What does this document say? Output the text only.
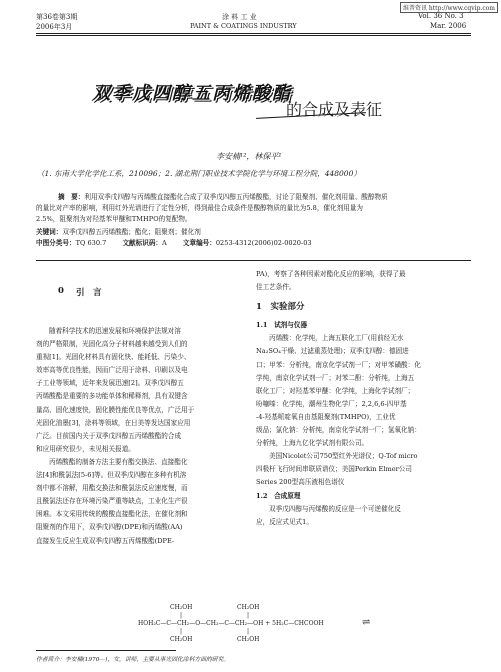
第36卷第3期
2006年3月
涂 料 工 业
PAINT & COATINGS INDUSTRY
Vol. 36 No. 3
Mar. 2006
维普资讯 http://www.cqvip.com
双季戊四醇五丙烯酸酯
的合成及表征
李安楠¹²，林保平¹
（1. 东南大学化学化工系，210096；2. 湖北荆门职业技术学院化学与环境工程分院，448000）
摘　要：利用双季戊四醇与丙烯酸直接酯化合成了双季戊四醇五丙烯酸酯，讨论了阻聚剂、催化剂用量、酸醇物质
的量比对产率的影响，利用红外光谱进行了定性分析，得到最佳合成条件是酸醇物质的量比为5.8，催化剂用量为
2.5%，阻聚剂为对羟基苯甲醚和TMHPO的复配物。
关键词：双季戊四醇五丙烯酸酯；酯化；阻聚剂；催化剂
中图分类号：TQ 630.7 文献标识码：A 文章编号：0253-4312(2006)02-0020-03
0 引　言

随着科学技术的迅速发展和环境保护法规对溶

剂的严格限制，光固化高分子材料越来越受到人们的

重视[1]。光固化材料具有固化快、能耗低、污染少、

效率高等优良性能，因而广泛用于涂料、印刷以及电

子工业等领域，近年来发展迅速[2]。双季戊四醇五

丙烯酸酯是重要的多功能单体和稀释剂，具有双键含

量高、固化速度快，固化膜性能优良等优点，广泛用于

光固化油墨[3]，涂料等领域，在日美等发达国家应用

广泛。目前国内关于双季戊四醇五丙烯酸酯的合成

和应用研究很少，未见相关报道。

丙烯酸酯的制备方法主要有酯交换法、直接酯化

法[4]和酰氯法[5-6]等。但双季戊四醇在多种有机溶

剂中都不溶解，用酯交换法和酰氯法反应速度慢，而

且酰氯法还存在环境污染严重等缺点，工业化生产很

困难。本文采用传统的酸酸直接酯化法，在催化剂和

阻聚剂的作用下，双季戊四醇(DPE)和丙烯酸(AA)

直接发生反应生成双季戊四醇五丙烯酸酯(DPE-

PA)，考察了各种因素对酯化反应的影响，获得了最

佳工艺条件。

1　 实验部分

1.1　试剂与仪器

丙烯酸：化学纯，上海五联化工厂(用前经无水

Na₂SO₄干燥、过滤重蒸处理)；双季戊四醇：德固进

口；甲苯：分析纯，南京化学试剂一厂；对甲苯磺酸：化

学纯，南京化学试剂一厂；对苯二酚：分析纯，上海五

联化工厂；对羟基苯甲醚：化学纯，上海化学试剂厂；

吩噻嗪：化学纯，潮州生物化学厂；2,2,6,6-四甲基

-4-羟基哌啶氧自由基阻聚剂(TMHPO)，工业优

级品；氯化钠：分析纯，南京化学试剂一厂；氢氧化钠：

分析纯，上海九亿化学试剂有限公司。

美国Nicolet公司750型红外光谱仪；Q-Tof micro

四极杆飞行时间串联质谱仪；美国Perkin Elmer公司

Series 200型高压液相色谱仪

1.2　合成原理

双季戊四醇与丙烯酸的反应是一个可逆催化反

应，反应式见式1。

CH₂OH	CH₂OH
|	|
HOH₂C—C—CH₂—O—CH₂—C—CH₂—OH + 5H₂C—CHCOOH	⇌
|	|
CH₂OH	CH₂OH
作者简介：李安楠(1970—)，女，讲师，主要从事光固化涂料方面的研究。
